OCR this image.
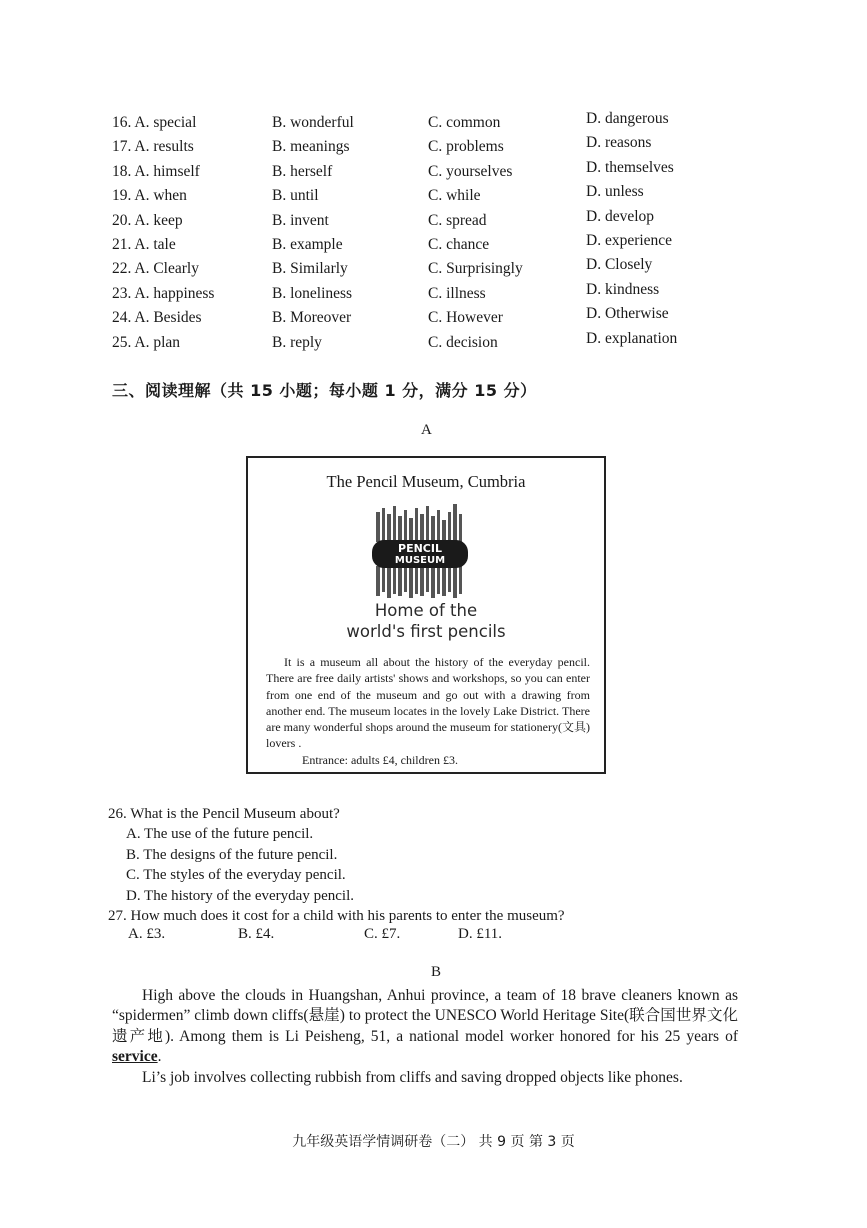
16. A. special	B. wonderful	C. common	D. dangerous
17. A. results	B. meanings	C. problems	D. reasons
18. A. himself	B. herself	C. yourselves	D. themselves
19. A. when	B. until	C. while	D. unless
20. A. keep	B. invent	C. spread	D. develop
21. A. tale	B. example	C. chance	D. experience
22. A. Clearly	B. Similarly	C. Surprisingly	D. Closely
23. A. happiness	B. loneliness	C. illness	D. kindness
24. A. Besides	B. Moreover	C. However	D. Otherwise
25. A. plan	B. reply	C. decision	D. explanation
三、阅读理解（共 15 小题；每小题 1 分，满分 15 分）
A
The Pencil Museum, Cumbria
PENCIL
MUSEUM
Home of the
world's first pencils

It is a museum all about the history of the everyday pencil. There are free daily artists' shows and workshops, so you can enter from one end of the museum and go out with a drawing from another end. The museum locates in the lovely Lake District. There are many wonderful shops around the museum for stationery(文具) lovers .

Entrance: adults £4, children £3.

26. What is the Pencil Museum about?
A. The use of the future pencil.
B. The designs of the future pencil.
C. The styles of the everyday pencil.
D. The history of the everyday pencil.
27. How much does it cost for a child with his parents to enter the museum?
A. £3.	B. £4.	C. £7.	D. £11.
B

High above the clouds in Huangshan, Anhui province, a team of 18 brave cleaners known as “spidermen” climb down cliffs(悬崖) to protect the UNESCO World Heritage Site(联合国世界文化遗产地). Among them is Li Peisheng, 51, a national model worker honored for his 25 years of service.

Li’s job involves collecting rubbish from cliffs and saving dropped objects like phones.

九年级英语学情调研卷（二） 共 9 页 第 3 页
